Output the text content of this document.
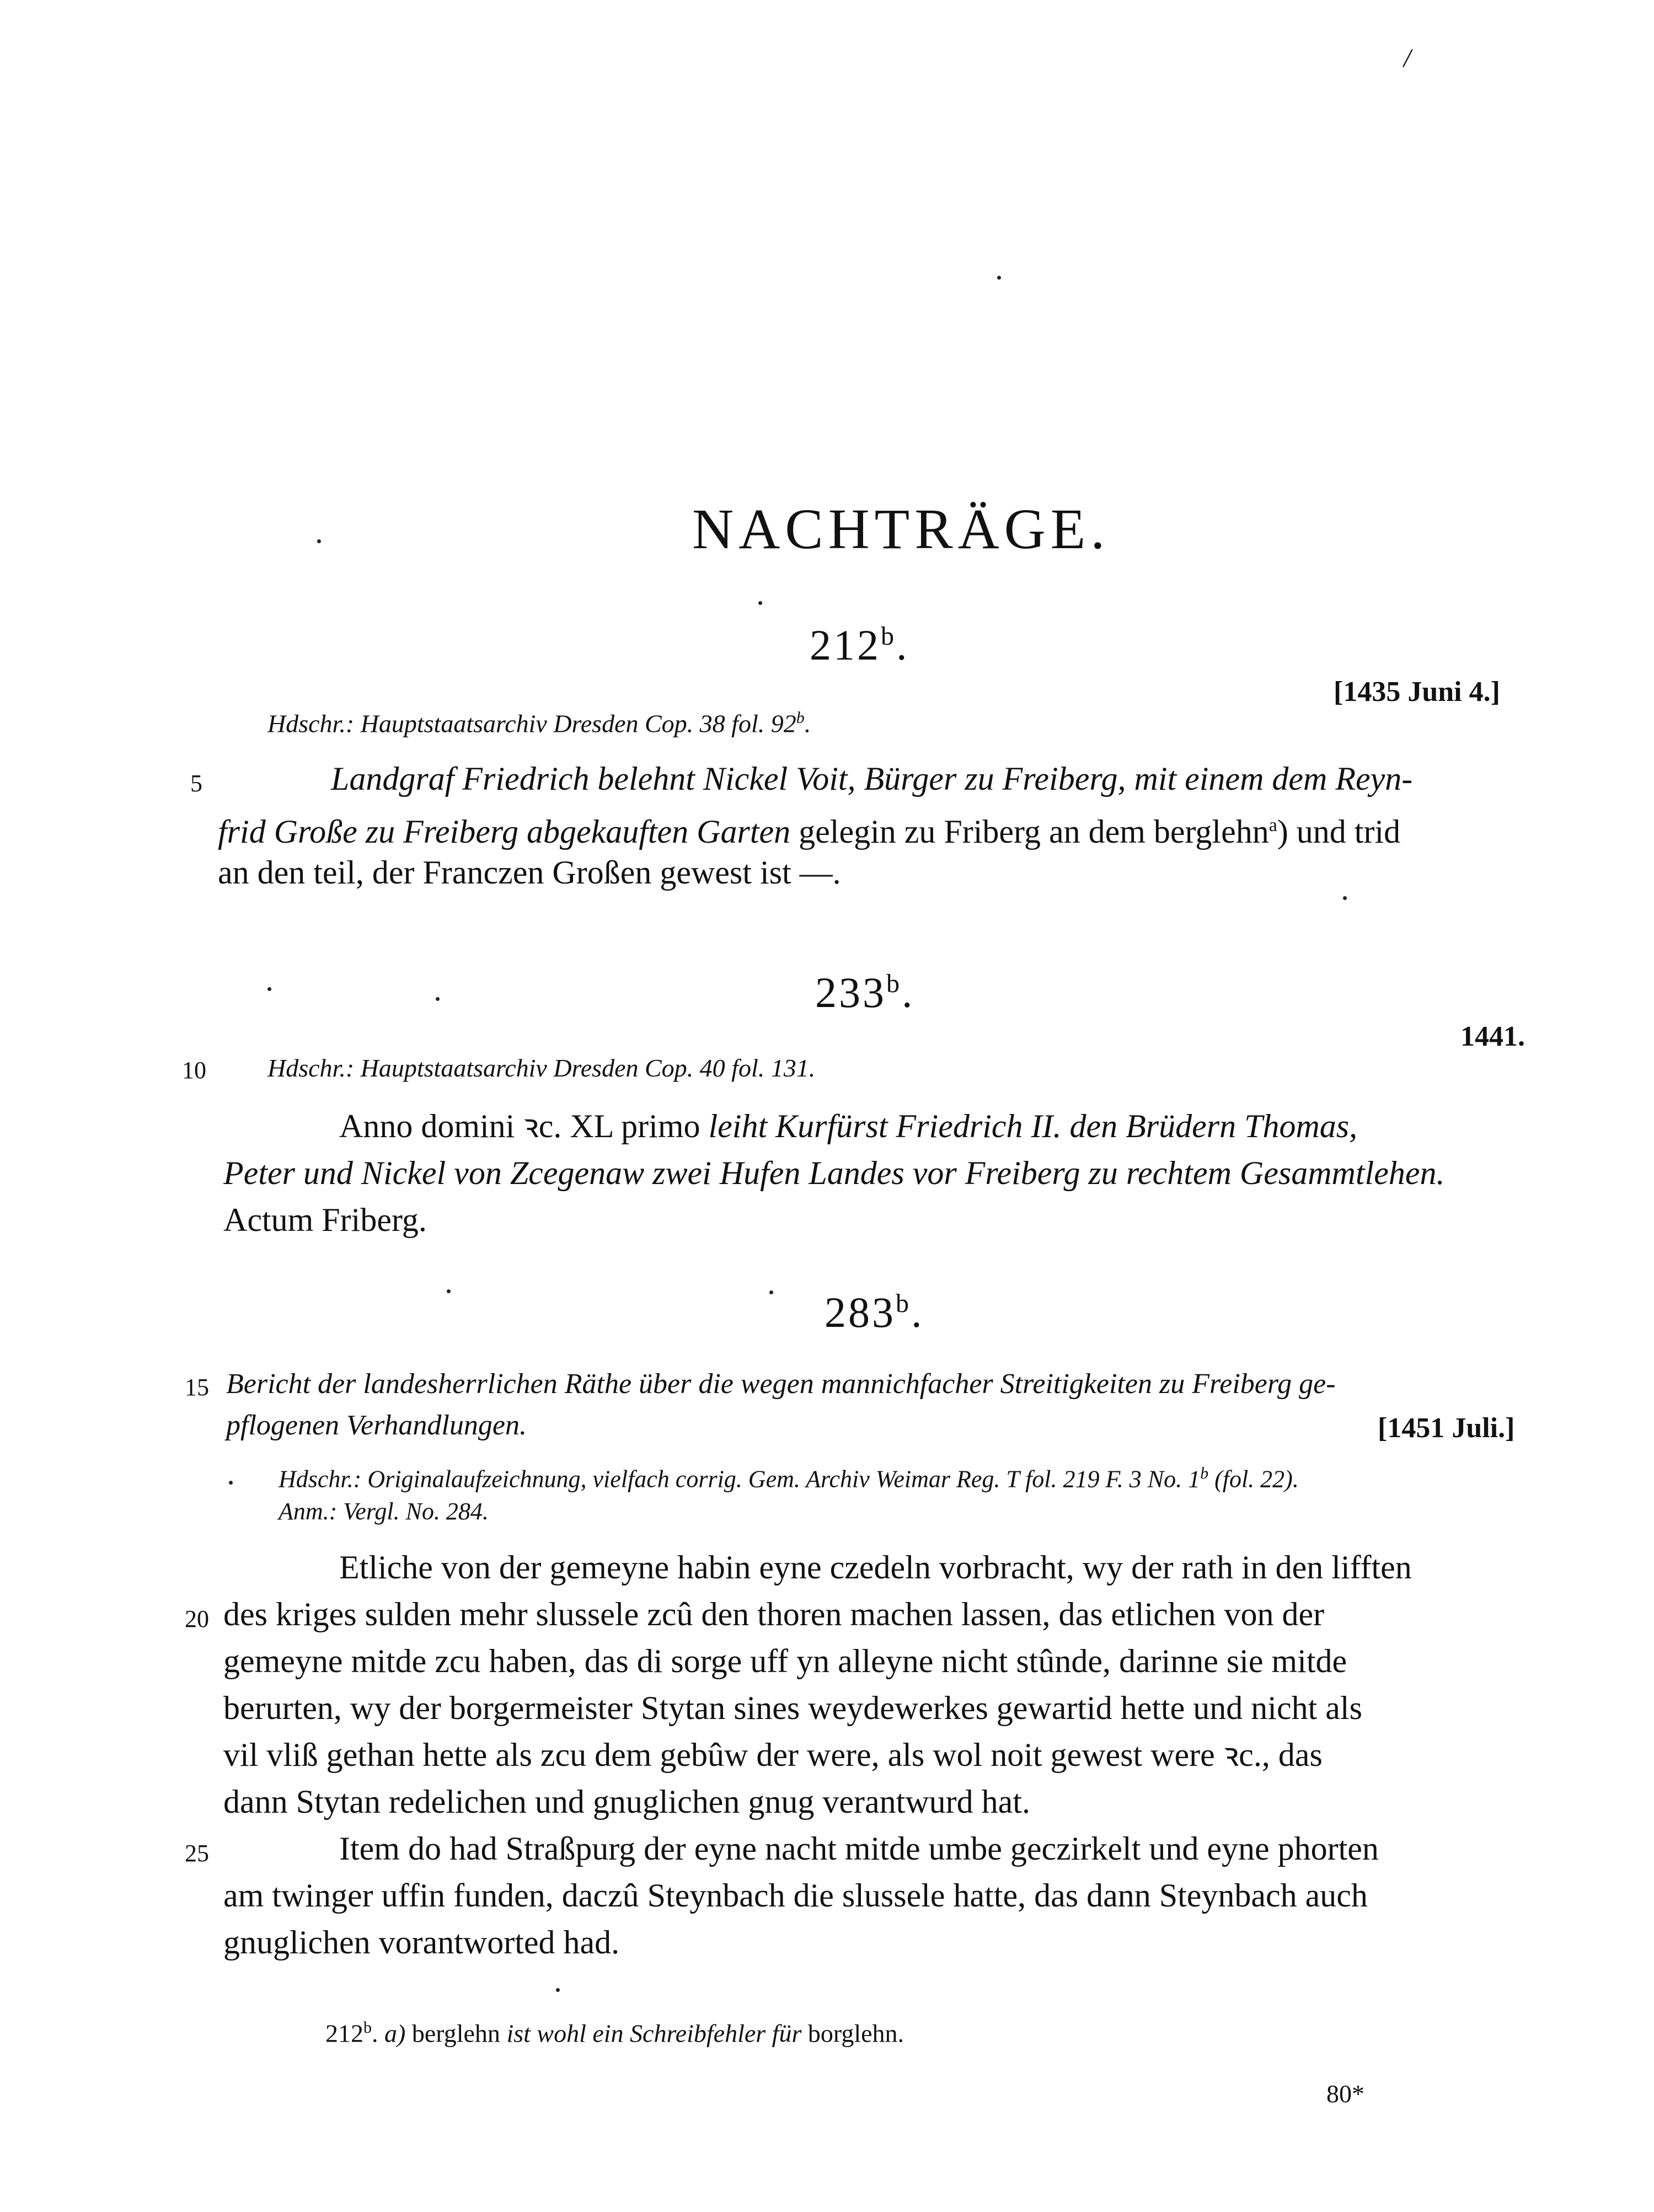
/
NACHTRÄGE.
212$^b$.
[1435 Juni 4.]
Hdschr.: Hauptstaatsarchiv Dresden Cop. 38 fol. 92$^b$.
5	Landgraf Friedrich belehnt Nickel Voit, Bürger zu Freiberg, mit einem dem Reyn-
frid Große zu Freiberg abgekauften Garten gelegin zu Friberg an dem berglehn$^a$) und trid
an den teil, der Franczen Großen gewest ist —.
233$^b$.
1441.
10 Hdschr.: Hauptstaatsarchiv Dresden Cop. 40 fol. 131.
Anno domini ꝛc. XL primo leiht Kurfürst Friedrich II. den Brüdern Thomas,
Peter und Nickel von Zcegenaw zwei Hufen Landes vor Freiberg zu rechtem Gesammtlehen.
Actum Friberg.
283$^b$.
15 Bericht der landesherrlichen Räthe über die wegen mannichfacher Streitigkeiten zu Freiberg ge-
pflogenen Verhandlungen.	[1451 Juli.]
Hdschr.: Originalaufzeichnung, vielfach corrig. Gem. Archiv Weimar Reg. T fol. 219 F. 3 No. 1$^b$ (fol. 22).
Anm.: Vergl. No. 284.
Etliche von der gemeyne habin eyne czedeln vorbracht, wy der rath in den lifften
20 des kriges sulden mehr slussele zcû den thoren machen lassen, das etlichen von der
gemeyne mitde zcu haben, das di sorge uff yn alleyne nicht stûnde, darinne sie mitde
berurten, wy der borgermeister Stytan sines weydewerkes gewartid hette und nicht als
vil vliß gethan hette als zcu dem gebûw der were, als wol noit gewest were ꝛc., das
dann Stytan redelichen und gnuglichen gnug verantwurd hat.
25	Item do had Straßpurg der eyne nacht mitde umbe geczirkelt und eyne phorten
am twinger uffin funden, daczû Steynbach die slussele hatte, das dann Steynbach auch
gnuglichen vorantworted had.
212$^b$. a) berglehn ist wohl ein Schreibfehler für borglehn.
80*
